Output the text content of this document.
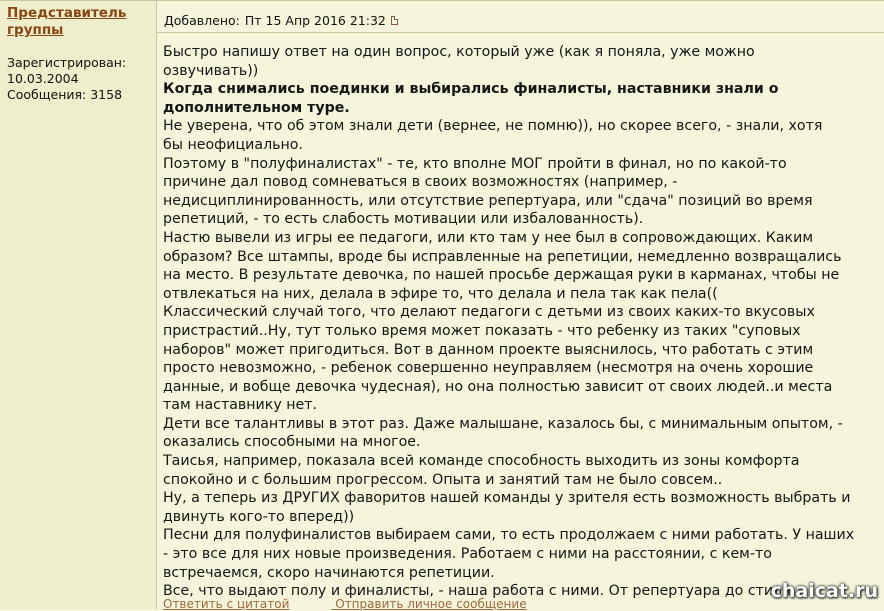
Представитель группы
Зарегистрирован:
10.03.2004
Сообщения: 3158
Добавлено: Пт 15 Апр 2016 21:32
Быстро напишу ответ на один вопрос, который уже (как я поняла, уже можно
озвучивать))
Когда снимались поединки и выбирались финалисты, наставники знали о
дополнительном туре.
Не уверена, что об этом знали дети (вернее, не помню)), но скорее всего, - знали, хотя
бы неофициально.
Поэтому в "полуфиналистах" - те, кто вполне МОГ пройти в финал, но по какой-то
причине дал повод сомневаться в своих возможностях (например, -
недисциплинированность, или отсутствие репертуара, или "сдача" позиций во время
репетиций, - то есть слабость мотивации или избалованность).
Настю вывели из игры ее педагоги, или кто там у нее был в сопровождающих. Каким
образом? Все штампы, вроде бы исправленные на репетиции, немедленно возвращались
на место. В результате девочка, по нашей просьбе держащая руки в карманах, чтобы не
отвлекаться на них, делала в эфире то, что делала и пела так как пела((
Классический случай того, что делают педагоги с детьми из своих каких-то вкусовых
пристрастий..Ну, тут только время может показать - что ребенку из таких "суповых
наборов" может пригодиться. Вот в данном проекте выяснилось, что работать с этим
просто невозможно, - ребенок совершенно неуправляем (несмотря на очень хорошие
данные, и вобще девочка чудесная), но она полностью зависит от своих людей..и места
там наставнику нет.
Дети все талантливы в этот раз. Даже малышане, казалось бы, с минимальным опытом, -
оказались способными на многое.
Таисья, например, показала всей команде способность выходить из зоны комфорта
спокойно и с большим прогрессом. Опыта и занятий там не было совсем..
Ну, а теперь из ДРУГИХ фаворитов нашей команды у зрителя есть возможность выбрать и
двинуть кого-то вперед))
Песни для полуфиналистов выбираем сами, то есть продолжаем с ними работать. У наших
- это все для них новые произведения. Работаем с ними на расстоянии, с кем-то
встречаемся, скоро начинаются репетиции.
Все, что выдают полу и финалисты, - наша работа с ними. От репертуара до стиля.
Ответить с цитатой	Отправить личное сообщение
chaicat.ru
